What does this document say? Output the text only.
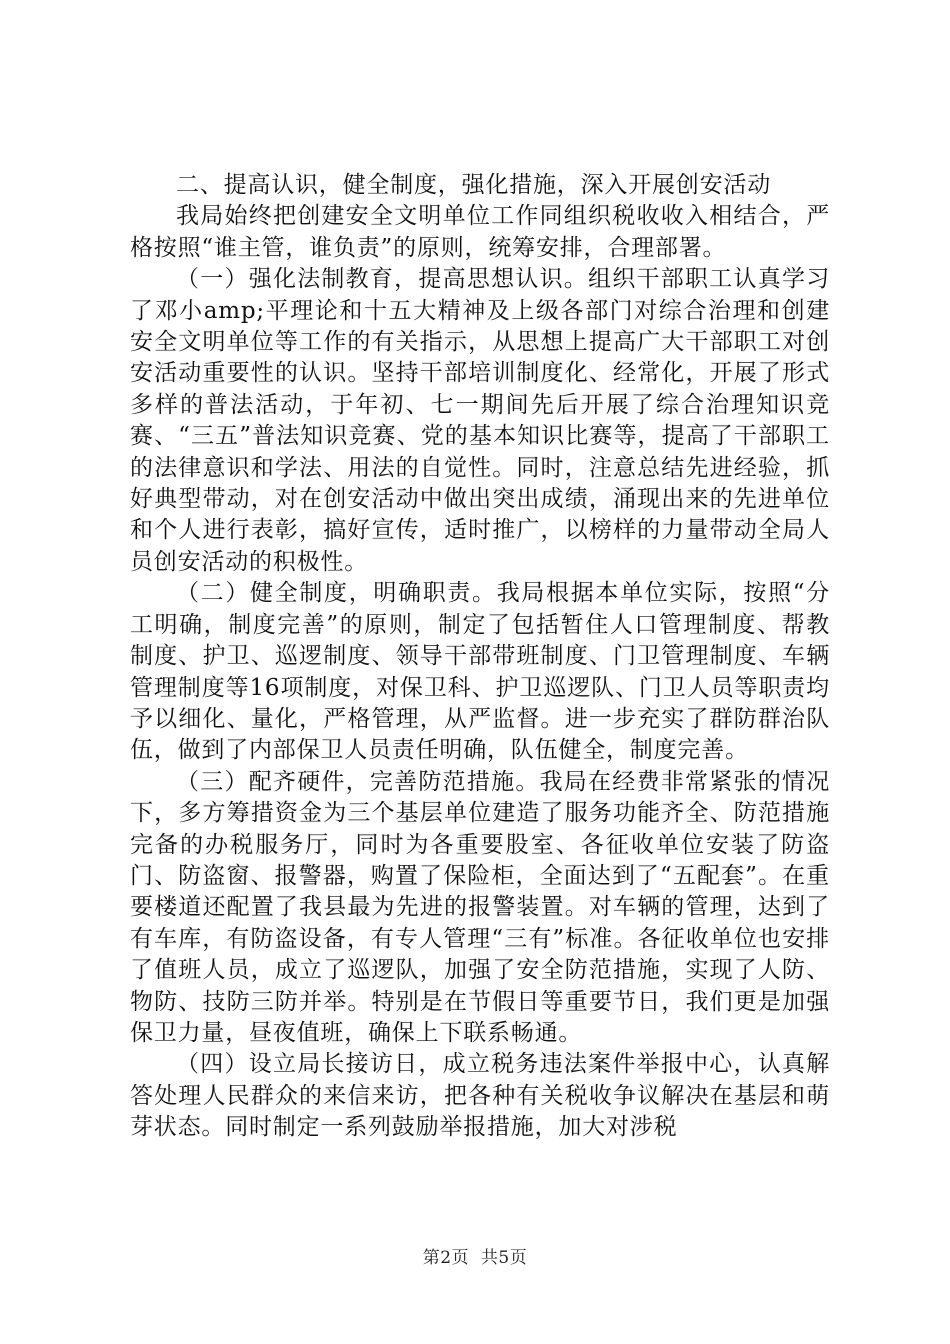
二、提高认识，健全制度，强化措施，深入开展创安活动

我局始终把创建安全文明单位工作同组织税收收入相结合，严格按照“谁主管，谁负责”的原则，统筹安排，合理部署。

（一）强化法制教育，提高思想认识。组织干部职工认真学习了邓小amp;平理论和十五大精神及上级各部门对综合治理和创建安全文明单位等工作的有关指示，从思想上提高广大干部职工对创安活动重要性的认识。坚持干部培训制度化、经常化，开展了形式多样的普法活动，于年初、七一期间先后开展了综合治理知识竞赛、“三五”普法知识竞赛、党的基本知识比赛等，提高了干部职工的法律意识和学法、用法的自觉性。同时，注意总结先进经验，抓好典型带动，对在创安活动中做出突出成绩，涌现出来的先进单位和个人进行表彰，搞好宣传，适时推广，以榜样的力量带动全局人员创安活动的积极性。

（二）健全制度，明确职责。我局根据本单位实际，按照“分工明确，制度完善”的原则，制定了包括暂住人口管理制度、帮教制度、护卫、巡逻制度、领导干部带班制度、门卫管理制度、车辆管理制度等16项制度，对保卫科、护卫巡逻队、门卫人员等职责均予以细化、量化，严格管理，从严监督。进一步充实了群防群治队伍，做到了内部保卫人员责任明确，队伍健全，制度完善。

（三）配齐硬件，完善防范措施。我局在经费非常紧张的情况下，多方筹措资金为三个基层单位建造了服务功能齐全、防范措施完备的办税服务厅，同时为各重要股室、各征收单位安装了防盗门、防盗窗、报警器，购置了保险柜，全面达到了“五配套”。在重要楼道还配置了我县最为先进的报警装置。对车辆的管理，达到了有车库，有防盗设备，有专人管理“三有”标准。各征收单位也安排了值班人员，成立了巡逻队，加强了安全防范措施，实现了人防、物防、技防三防并举。特别是在节假日等重要节日，我们更是加强保卫力量，昼夜值班，确保上下联系畅通。

（四）设立局长接访日，成立税务违法案件举报中心，认真解答处理人民群众的来信来访，把各种有关税收争议解决在基层和萌芽状态。同时制定一系列鼓励举报措施，加大对涉税

第2页  共5页
